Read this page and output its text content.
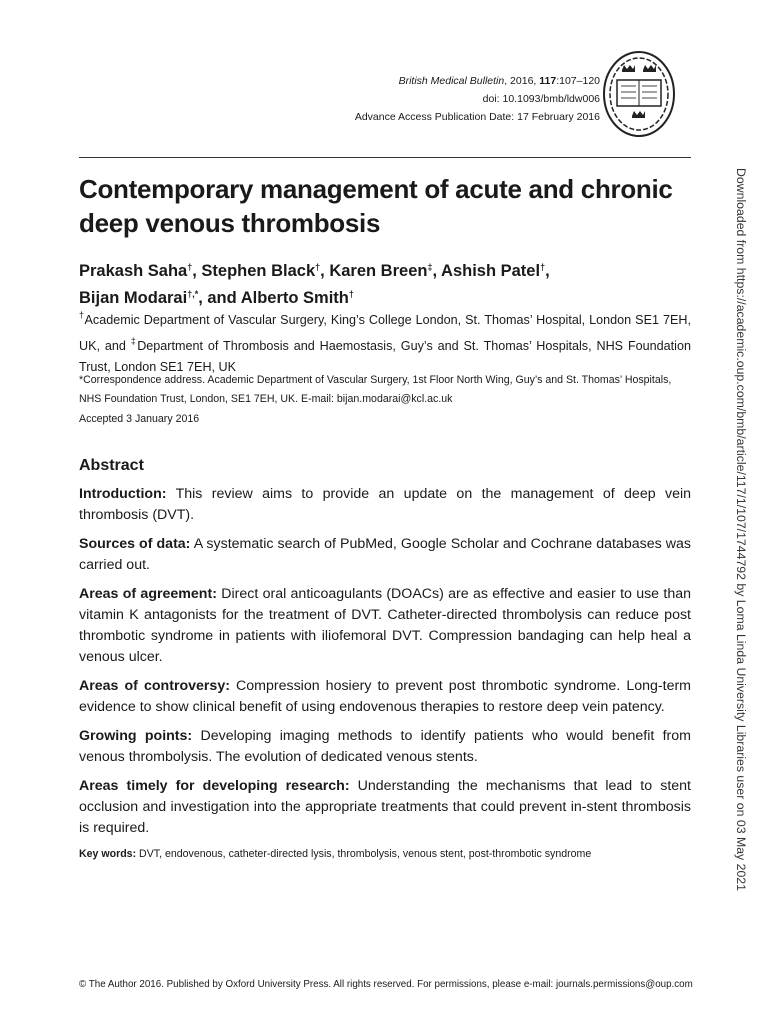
British Medical Bulletin, 2016, 117:107–120
doi: 10.1093/bmb/ldw006
Advance Access Publication Date: 17 February 2016
Contemporary management of acute and chronic deep venous thrombosis
Prakash Saha†, Stephen Black†, Karen Breen‡, Ashish Patel†,
Bijan Modarai†,*, and Alberto Smith†
†Academic Department of Vascular Surgery, King’s College London, St. Thomas’ Hospital, London SE1 7EH, UK, and ‡Department of Thrombosis and Haemostasis, Guy’s and St. Thomas’ Hospitals, NHS Foundation Trust, London SE1 7EH, UK
*Correspondence address. Academic Department of Vascular Surgery, 1st Floor North Wing, Guy’s and St. Thomas’ Hospitals, NHS Foundation Trust, London, SE1 7EH, UK. E-mail: bijan.modarai@kcl.ac.uk
Accepted 3 January 2016
Abstract

Introduction: This review aims to provide an update on the management of deep vein thrombosis (DVT).

Sources of data: A systematic search of PubMed, Google Scholar and Cochrane databases was carried out.

Areas of agreement: Direct oral anticoagulants (DOACs) are as effective and easier to use than vitamin K antagonists for the treatment of DVT. Catheter-directed thrombolysis can reduce post thrombotic syndrome in patients with iliofemoral DVT. Compression bandaging can help heal a venous ulcer.

Areas of controversy: Compression hosiery to prevent post thrombotic syndrome. Long-term evidence to show clinical benefit of using endovenous therapies to restore deep vein patency.

Growing points: Developing imaging methods to identify patients who would benefit from venous thrombolysis. The evolution of dedicated venous stents.

Areas timely for developing research: Understanding the mechanisms that lead to stent occlusion and investigation into the appropriate treatments that could prevent in-stent thrombosis is required.

Key words: DVT, endovenous, catheter-directed lysis, thrombolysis, venous stent, post-thrombotic syndrome
© The Author 2016. Published by Oxford University Press. All rights reserved. For permissions, please e-mail: journals.permissions@oup.com
Downloaded from https://academic.oup.com/bmb/article/117/1/107/1744792 by Loma Linda University Libraries user on 03 May 2021
